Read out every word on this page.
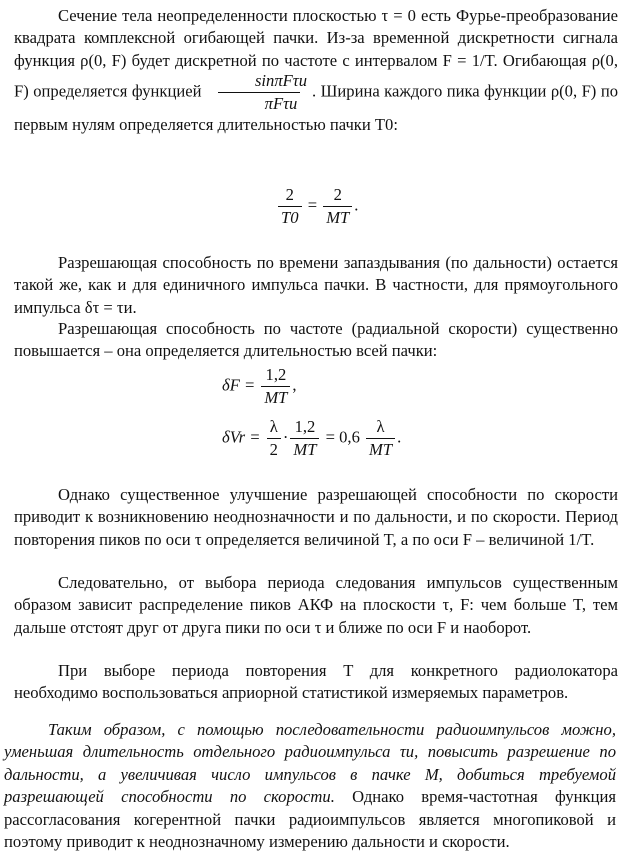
Сечение тела неопределенности плоскостью τ = 0 есть Фурье-преобразование квадрата комплексной огибающей пачки. Из-за временной дискретности сигнала функция ρ(0, F) будет дискретной по частоте с интервалом F = 1/T. Огибающая ρ(0, F) определяется функцией $\frac{\text{sinπFτи}}{\text{πFτи}}$ . Ширина каждого пика функции ρ(0, F) по первым нулям определяется длительностью пачки T0:

$\frac{2}{T0} = \frac{2}{MT}$ .

Разрешающая способность по времени запаздывания (по дальности) остается такой же, как и для единичного импульса пачки. В частности, для прямоугольного импульса δτ = τи.

Разрешающая способность по частоте (радиальной скорости) существенно повышается – она определяется длительностью всей пачки:

$\delta F = \frac{1,2}{MT}$ ,
$\delta Vr = \frac{\lambda}{2} \cdot \frac{1,2}{MT} = 0,6 \frac{\lambda}{MT}$ .

Однако существенное улучшение разрешающей способности по скорости приводит к возникновению неоднозначности и по дальности, и по скорости. Период повторения пиков по оси τ определяется величиной T, а по оси F – величиной 1/T.

Следовательно, от выбора периода следования импульсов существенным образом зависит распределение пиков АКФ на плоскости τ, F: чем больше T, тем дальше отстоят друг от друга пики по оси τ и ближе по оси F и наоборот.

При выборе периода повторения T для конкретного радиолокатора необходимо воспользоваться априорной статистикой измеряемых параметров.

Таким образом, с помощью последовательности радиоимпульсов можно, уменьшая длительность отдельного радиоимпульса τи, повысить разрешение по дальности, а увеличивая число импульсов в пачке M, добиться требуемой разрешающей способности по скорости. Однако время-частотная функция рассогласования когерентной пачки радиоимпульсов является многопиковой и поэтому приводит к неоднозначному измерению дальности и скорости.
